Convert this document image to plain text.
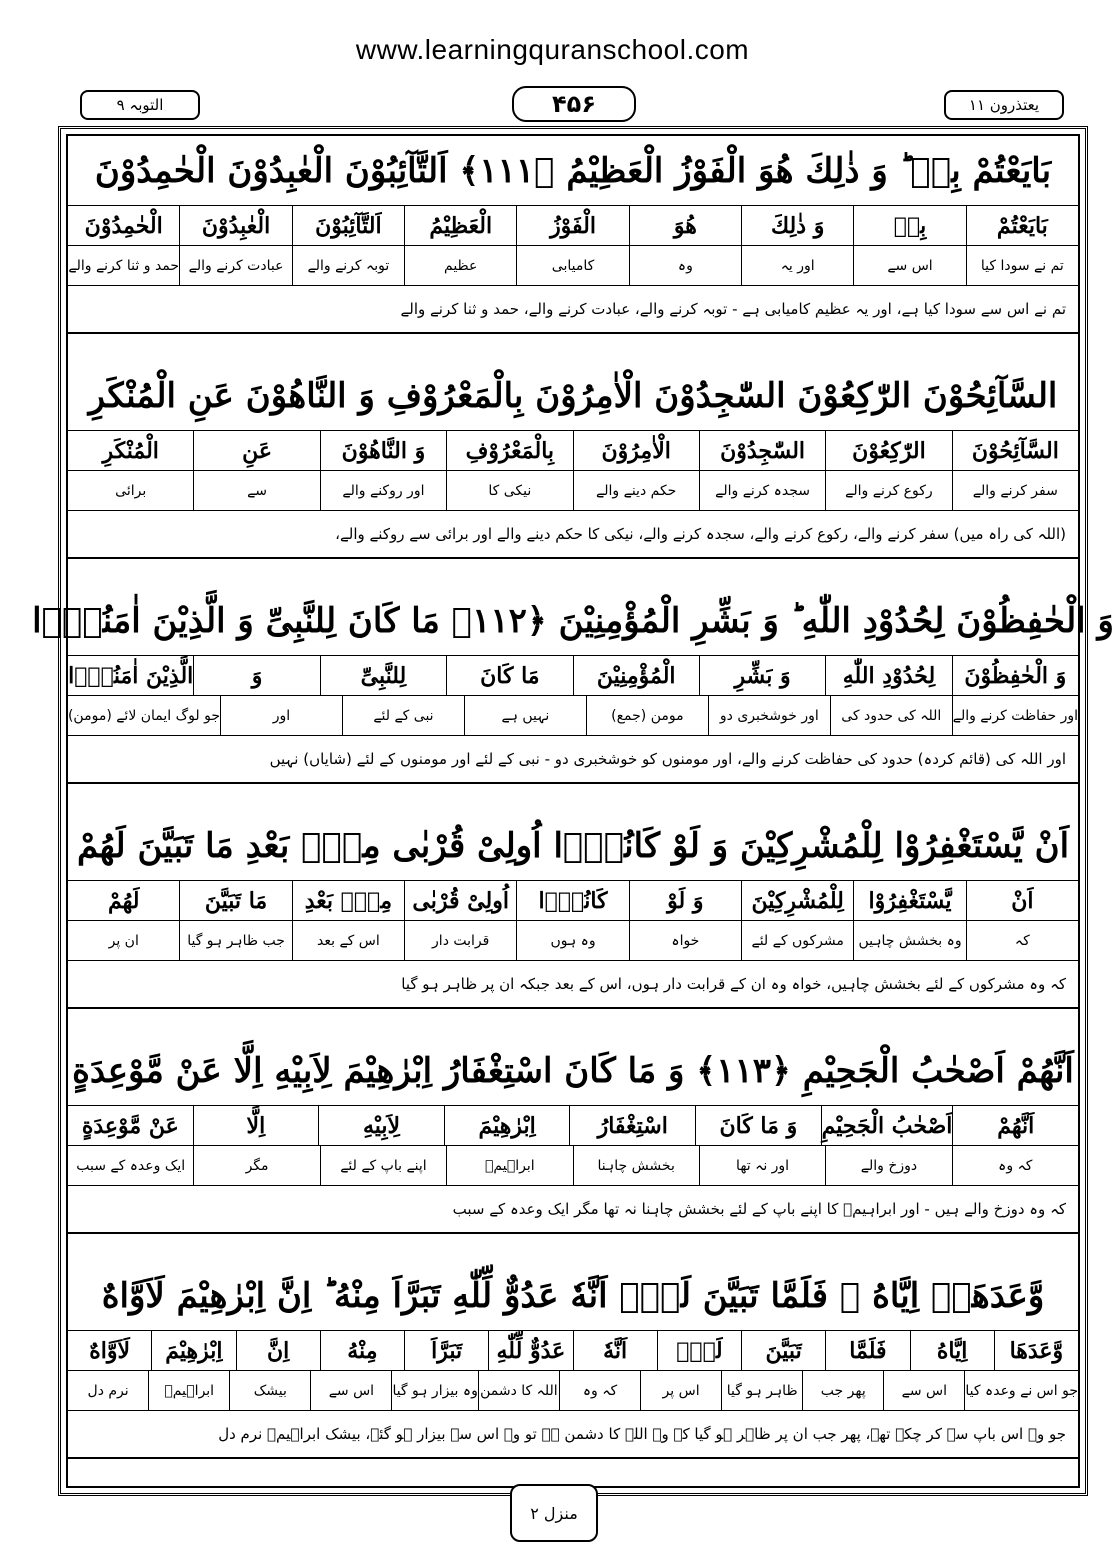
www.learningquranschool.com
التوبہ ۹	۴۵۶	یعتذرون ۱۱
بَايَعْتُمْ بِهٖ ؕ وَ ذٰلِكَ هُوَ الْفَوْزُ الْعَظِيْمُ ﴿۱۱۱﴾ اَلتَّآئِبُوْنَ الْعٰبِدُوْنَ الْحٰمِدُوْنَ
بَايَعْتُمْ
بِهٖ
وَ ذٰلِكَ
هُوَ
الْفَوْزُ
الْعَظِيْمُ
اَلتَّآئِبُوْنَ
الْعٰبِدُوْنَ
الْحٰمِدُوْنَ
تم نے سودا کیا
اس سے
اور یہ
وہ
کامیابی
عظیم
توبہ کرنے والے
عبادت کرنے والے
حمد و ثنا کرنے والے
تم نے اس سے سودا کیا ہے، اور یہ عظیم کامیابی ہے - توبہ کرنے والے، عبادت کرنے والے، حمد و ثنا کرنے والے
السَّآئِحُوْنَ الرّٰكِعُوْنَ السّٰجِدُوْنَ الْاٰمِرُوْنَ بِالْمَعْرُوْفِ وَ النَّاهُوْنَ عَنِ الْمُنْكَرِ
السَّآئِحُوْنَ
الرّٰكِعُوْنَ
السّٰجِدُوْنَ
الْاٰمِرُوْنَ
بِالْمَعْرُوْفِ
وَ النَّاهُوْنَ
عَنِ
الْمُنْكَرِ
سفر کرنے والے
رکوع کرنے والے
سجدہ کرنے والے
حکم دینے والے
نیکی کا
اور روکنے والے
سے
برائی
(اللہ کی راہ میں) سفر کرنے والے، رکوع کرنے والے، سجدہ کرنے والے، نیکی کا حکم دینے والے اور برائی سے روکنے والے،
وَ الْحٰفِظُوْنَ لِحُدُوْدِ اللّٰهِ ؕ وَ بَشِّرِ الْمُؤْمِنِيْنَ ﴿۱۱۲﴾ مَا كَانَ لِلنَّبِىِّ وَ الَّذِيْنَ اٰمَنُوْۤا
وَ الْحٰفِظُوْنَ
لِحُدُوْدِ اللّٰهِ
وَ بَشِّرِ
الْمُؤْمِنِيْنَ
مَا كَانَ
لِلنَّبِىِّ
وَ
الَّذِيْنَ اٰمَنُوْۤا
اور حفاظت کرنے والے
اللہ کی حدود کی
اور خوشخبری دو
مومن (جمع)
نہیں ہے
نبی کے لئے
اور
جو لوگ ایمان لائے (مومن)
اور اللہ کی (قائم کردہ) حدود کی حفاظت کرنے والے، اور مومنوں کو خوشخبری دو - نبی کے لئے اور مومنوں کے لئے (شایاں) نہیں
اَنْ يَّسْتَغْفِرُوْا لِلْمُشْرِكِيْنَ وَ لَوْ كَانُوْۤا اُولِىْ قُرْبٰى مِنْۢ بَعْدِ مَا تَبَيَّنَ لَهُمْ
اَنْ
يَّسْتَغْفِرُوْا
لِلْمُشْرِكِيْنَ
وَ لَوْ
كَانُوْۤا
اُولِىْ قُرْبٰى
مِنْۢ بَعْدِ
مَا تَبَيَّنَ
لَهُمْ
کہ
وہ بخشش چاہیں
مشرکوں کے لئے
خواہ
وہ ہوں
قرابت دار
اس کے بعد
جب ظاہر ہو گیا
ان پر
کہ وہ مشرکوں کے لئے بخشش چاہیں، خواہ وہ ان کے قرابت دار ہوں، اس کے بعد جبکہ ان پر ظاہر ہو گیا
اَنَّهُمْ اَصْحٰبُ الْجَحِيْمِ ﴿۱۱۳﴾ وَ مَا كَانَ اسْتِغْفَارُ اِبْرٰهِيْمَ لِاَبِيْهِ اِلَّا عَنْ مَّوْعِدَةٍ
اَنَّهُمْ
اَصْحٰبُ الْجَحِيْمِ
وَ مَا كَانَ
اسْتِغْفَارُ
اِبْرٰهِيْمَ
لِاَبِيْهِ
اِلَّا
عَنْ مَّوْعِدَةٍ
کہ وہ
دوزخ والے
اور نہ تھا
بخشش چاہنا
ابراہیمؑ
اپنے باپ کے لئے
مگر
ایک وعدہ کے سبب
کہ وہ دوزخ والے ہیں - اور ابراہیمؑ کا اپنے باپ کے لئے بخشش چاہنا نہ تھا مگر ایک وعدہ کے سبب
وَّعَدَهَاۤ اِيَّاهُ ۚ فَلَمَّا تَبَيَّنَ لَهٗۤ اَنَّهٗ عَدُوٌّ لِّلّٰهِ تَبَرَّاَ مِنْهُ ؕ اِنَّ اِبْرٰهِيْمَ لَاَوَّاهٌ
وَّعَدَهَا
اِيَّاهُ
فَلَمَّا
تَبَيَّنَ
لَهٗۤ
اَنَّهٗ
عَدُوٌّ لِّلّٰهِ
تَبَرَّاَ
مِنْهُ
اِنَّ
اِبْرٰهِيْمَ
لَاَوَّاهٌ
جو اس نے وعدہ کیا
اس سے
پھر جب
ظاہر ہو گیا
اس پر
کہ وہ
اللہ کا دشمن
وہ بیزار ہو گیا
اس سے
بیشک
ابراہیمؑ
نرم دل
جو وہ اس باپ سے کر چکے تھے، پھر جب ان پر ظاہر ہو گیا کہ وہ اللہ کا دشمن ہے تو وہ اس سے بیزار ہو گئے، بیشک ابراہیمؑ نرم دل
منزل ۲
